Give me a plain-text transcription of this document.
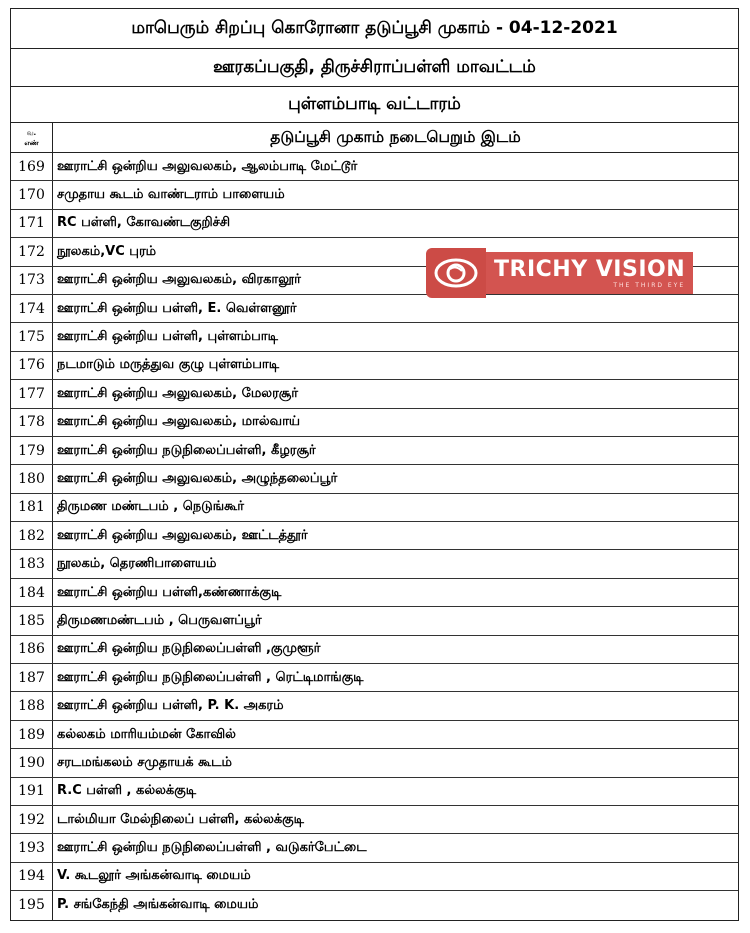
மாபெரும் சிறப்பு கொரோனா தடுப்பூசி முகாம் - 04-12-2021
ஊரகப்பகுதி, திருச்சிராப்பள்ளி மாவட்டம்
புள்ளம்பாடி வட்டாரம்
வ.
எண்	தடுப்பூசி முகாம் நடைபெறும் இடம்
169 ஊராட்சி ஒன்றிய அலுவலகம், ஆலம்பாடி மேட்டூர்
170 சமுதாய கூடம் வாண்டராம் பாளையம்
171 RC பள்ளி, கோவண்டகுறிச்சி
172 நூலகம்,VC புரம்
173 ஊராட்சி ஒன்றிய அலுவலகம், விரகாலூர்
174 ஊராட்சி ஒன்றிய பள்ளி, E. வெள்ளனூர்
175 ஊராட்சி ஒன்றிய பள்ளி, புள்ளம்பாடி
176 நடமாடும் மருத்துவ குழு புள்ளம்பாடி
177 ஊராட்சி ஒன்றிய அலுவலகம், மேலரசூர்
178 ஊராட்சி ஒன்றிய அலுவலகம், மால்வாய்
179 ஊராட்சி ஒன்றிய நடுநிலைப்பள்ளி, கீழரசூர்
180 ஊராட்சி ஒன்றிய அலுவலகம், அழுந்தலைப்பூர்
181 திருமண மண்டபம் , நெடுங்கூர்
182 ஊராட்சி ஒன்றிய அலுவலகம், ஊட்டத்தூர்
183 நூலகம், தெரணிபாளையம்
184 ஊராட்சி ஒன்றிய பள்ளி,கண்ணாக்குடி
185 திருமணமண்டபம் , பெருவளப்பூர்
186 ஊராட்சி ஒன்றிய நடுநிலைப்பள்ளி ,குமுளூர்
187 ஊராட்சி ஒன்றிய நடுநிலைப்பள்ளி , ரெட்டிமாங்குடி
188 ஊராட்சி ஒன்றிய பள்ளி, P. K. அகரம்
189 கல்லகம் மாரியம்மன் கோவில்
190 சரடமங்கலம் சமுதாயக் கூடம்
191 R.C பள்ளி , கல்லக்குடி
192 டால்மியா மேல்நிலைப் பள்ளி, கல்லக்குடி
193 ஊராட்சி ஒன்றிய நடுநிலைப்பள்ளி , வடுகர்பேட்டை
194 V. கூடலூர் அங்கன்வாடி மையம்
195 P. சங்கேந்தி அங்கன்வாடி மையம்
TRICHY VISION
THE THIRD EYE
